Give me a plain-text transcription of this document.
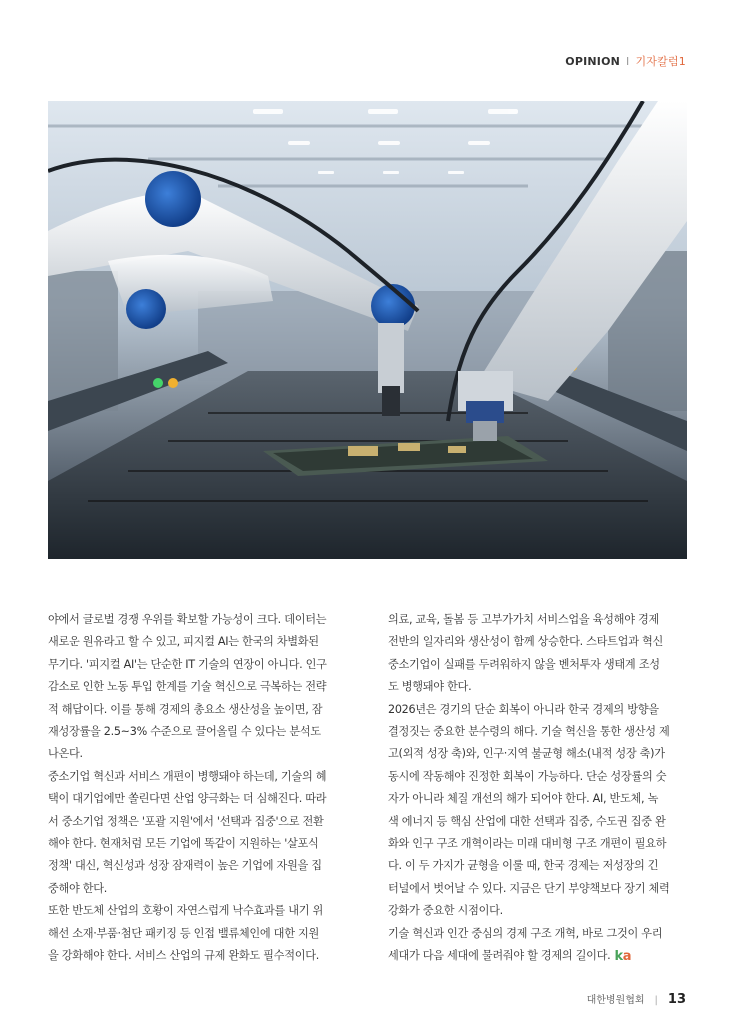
OPINION I 기자칼럼1
야에서 글로벌 경쟁 우위를 확보할 가능성이 크다. 데이터는
새로운 원유라고 할 수 있고, 피지컬 AI는 한국의 차별화된
무기다. '피지컬 AI'는 단순한 IT 기술의 연장이 아니다. 인구
감소로 인한 노동 투입 한계를 기술 혁신으로 극복하는 전략
적 해답이다. 이를 통해 경제의 총요소 생산성을 높이면, 잠
재성장률을 2.5~3% 수준으로 끌어올릴 수 있다는 분석도
나온다.
중소기업 혁신과 서비스 개편이 병행돼야 하는데, 기술의 혜
택이 대기업에만 쏠린다면 산업 양극화는 더 심해진다. 따라
서 중소기업 정책은 '포괄 지원'에서 '선택과 집중'으로 전환
해야 한다. 현재처럼 모든 기업에 똑같이 지원하는 '살포식
정책' 대신, 혁신성과 성장 잠재력이 높은 기업에 자원을 집
중해야 한다.
또한 반도체 산업의 호황이 자연스럽게 낙수효과를 내기 위
해선 소재·부품·첨단 패키징 등 인접 밸류체인에 대한 지원
을 강화해야 한다. 서비스 산업의 규제 완화도 필수적이다.
의료, 교육, 돌봄 등 고부가가치 서비스업을 육성해야 경제
전반의 일자리와 생산성이 함께 상승한다. 스타트업과 혁신
중소기업이 실패를 두려워하지 않을 벤처투자 생태계 조성
도 병행돼야 한다.
2026년은 경기의 단순 회복이 아니라 한국 경제의 방향을
결정짓는 중요한 분수령의 해다. 기술 혁신을 통한 생산성 제
고(외적 성장 축)와, 인구·지역 불균형 해소(내적 성장 축)가
동시에 작동해야 진정한 회복이 가능하다. 단순 성장률의 숫
자가 아니라 체질 개선의 해가 되어야 한다. AI, 반도체, 녹
색 에너지 등 핵심 산업에 대한 선택과 집중, 수도권 집중 완
화와 인구 구조 개혁이라는 미래 대비형 구조 개편이 필요하
다. 이 두 가지가 균형을 이룰 때, 한국 경제는 저성장의 긴
터널에서 벗어날 수 있다. 지금은 단기 부양책보다 장기 체력
강화가 중요한 시점이다.
기술 혁신과 인간 중심의 경제 구조 개혁, 바로 그것이 우리
세대가 다음 세대에 물려줘야 할 경제의 길이다. ka
대한병원협회 | 13
